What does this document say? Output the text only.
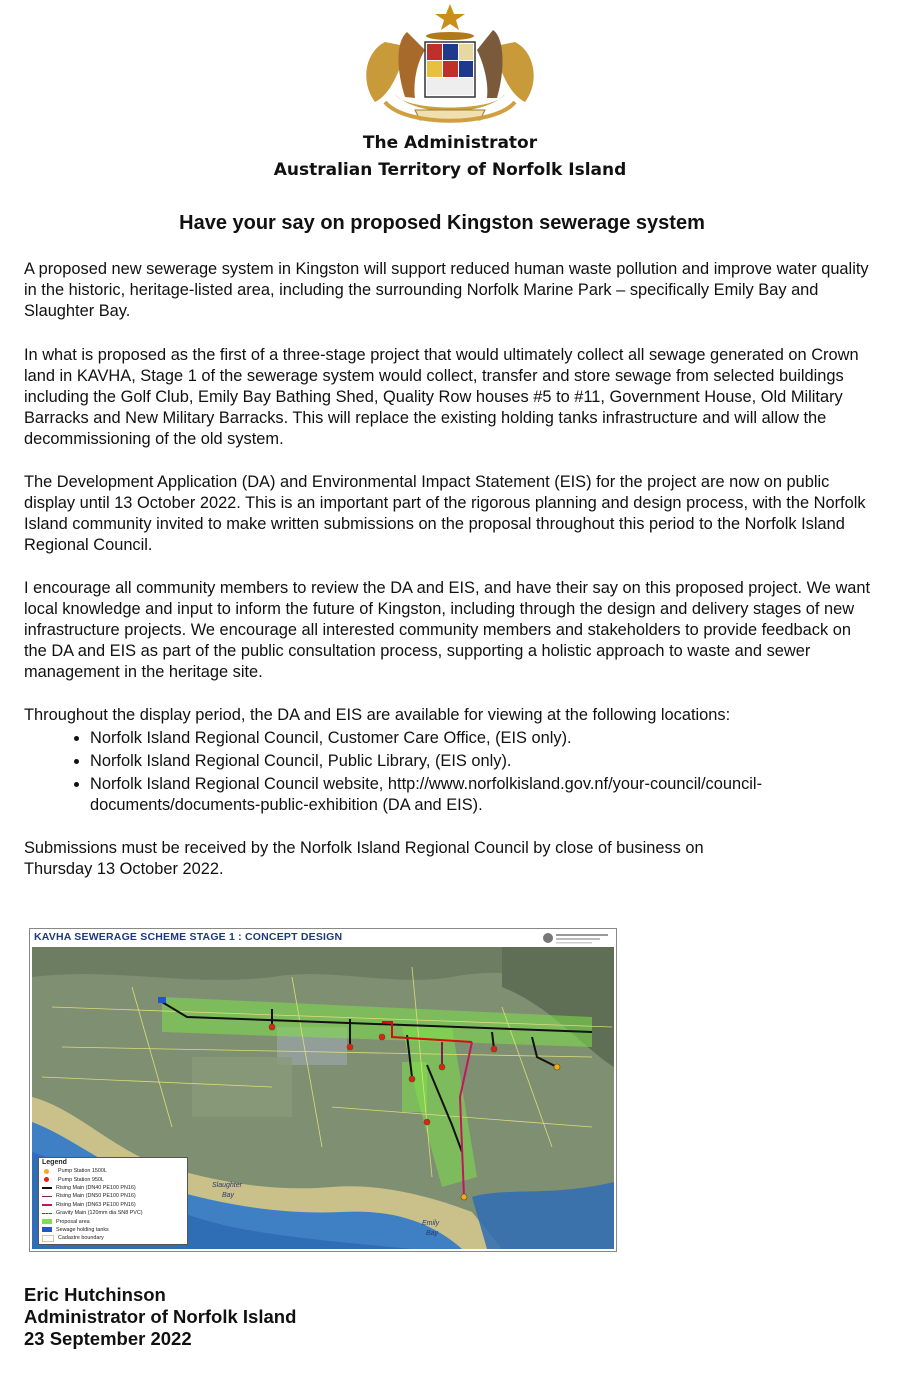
The Administrator
Australian Territory of Norfolk Island
Have your say on proposed Kingston sewerage system
A proposed new sewerage system in Kingston will support reduced human waste pollution and improve water quality in the historic, heritage-listed area, including the surrounding Norfolk Marine Park – specifically Emily Bay and Slaughter Bay.
In what is proposed as the first of a three-stage project that would ultimately collect all sewage generated on Crown land in KAVHA, Stage 1 of the sewerage system would collect, transfer and store sewage from selected buildings including the Golf Club, Emily Bay Bathing Shed, Quality Row houses #5 to #11, Government House, Old Military Barracks and New Military Barracks. This will replace the existing holding tanks infrastructure and will allow the decommissioning of the old system.
The Development Application (DA) and Environmental Impact Statement (EIS) for the project are now on public display until 13 October 2022. This is an important part of the rigorous planning and design process, with the Norfolk Island community invited to make written submissions on the proposal throughout this period to the Norfolk Island Regional Council.
I encourage all community members to review the DA and EIS, and have their say on this proposed project. We want local knowledge and input to inform the future of Kingston, including through the design and delivery stages of new infrastructure projects. We encourage all interested community members and stakeholders to provide feedback on the DA and EIS as part of the public consultation process, supporting a holistic approach to waste and sewer management in the heritage site.
Throughout the display period, the DA and EIS are available for viewing at the following locations:
• Norfolk Island Regional Council, Customer Care Office, (EIS only).
• Norfolk Island Regional Council, Public Library, (EIS only).
• Norfolk Island Regional Council website, http://www.norfolkisland.gov.nf/your-council/council-documents/documents-public-exhibition (DA and EIS).
Submissions must be received by the Norfolk Island Regional Council by close of business on
Thursday 13 October 2022.
KAVHA SEWERAGE SCHEME STAGE 1 : CONCEPT DESIGN
Slaughter
Bay
Emily
Bay
Legend
Pump Station 1500L
Pump Station 950L
Rising Main (DN40 PE100 PN16)
Rising Main (DN50 PE100 PN16)
Rising Main (DN63 PE100 PN16)
Gravity Main (120mm dia SN8 PVC)
Proposal area
Sewage holding tanks
Cadastre boundary
Eric Hutchinson
Administrator of Norfolk Island
23 September 2022
